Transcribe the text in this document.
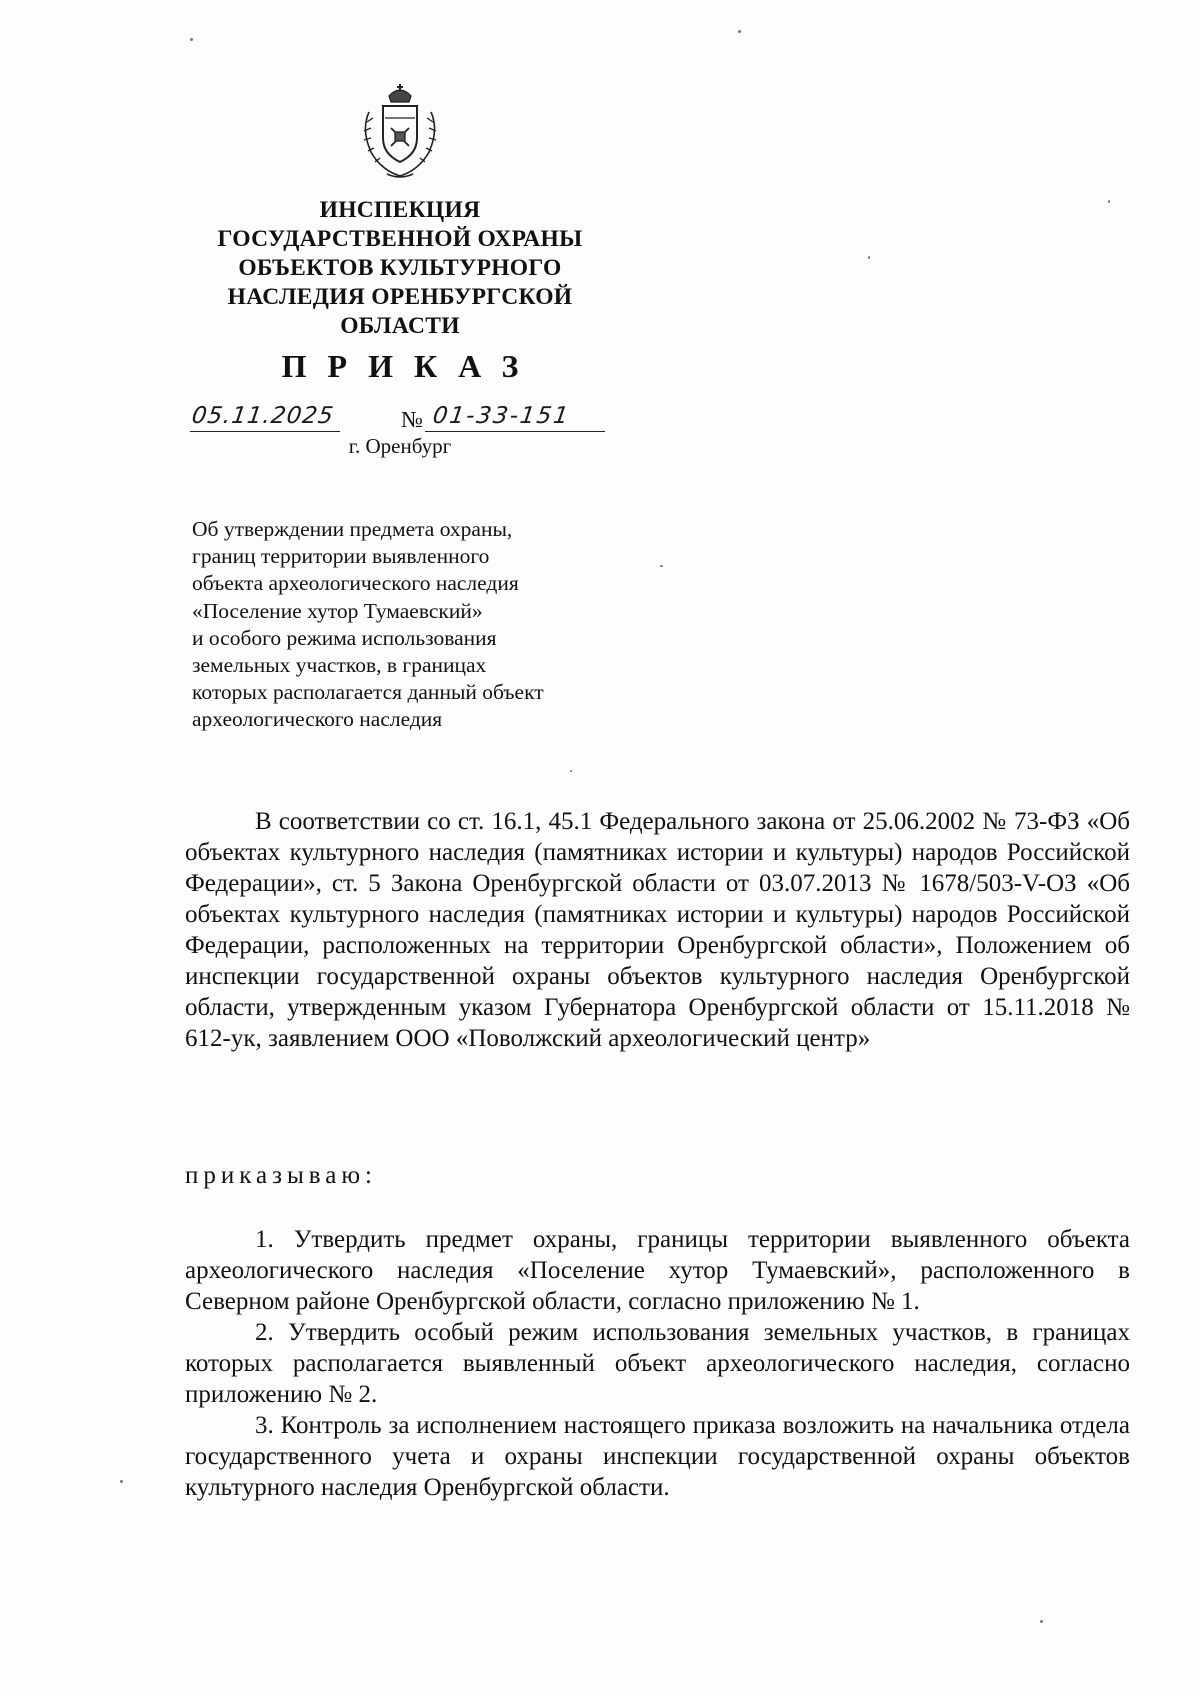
ИНСПЕКЦИЯ
ГОСУДАРСТВЕННОЙ ОХРАНЫ
ОБЪЕКТОВ КУЛЬТУРНОГО
НАСЛЕДИЯ ОРЕНБУРГСКОЙ
ОБЛАСТИ
ПРИКАЗ
05.11.2025	№ 01-33-151
г. Оренбург
Об утверждении предмета охраны,
границ территории выявленного
объекта археологического наследия
«Поселение хутор Тумаевский»
и особого режима использования
земельных участков, в границах
которых располагается данный объект
археологического наследия

В соответствии со ст. 16.1, 45.1 Федерального закона от 25.06.2002 № 73-ФЗ «Об объектах культурного наследия (памятниках истории и культуры) народов Российской Федерации», ст. 5 Закона Оренбургской области от 03.07.2013 № 1678/503-V-ОЗ «Об объектах культурного наследия (памятниках истории и культуры) народов Российской Федерации, расположенных на территории Оренбургской области», Положением об инспекции государственной охраны объектов культурного наследия Оренбургской области, утвержденным указом Губернатора Оренбургской области от 15.11.2018 № 612-ук, заявлением ООО «Поволжский археологический центр»

приказываю:

1. Утвердить предмет охраны, границы территории выявленного объекта археологического наследия «Поселение хутор Тумаевский», расположенного в Северном районе Оренбургской области, согласно приложению № 1.

2. Утвердить особый режим использования земельных участков, в границах которых располагается выявленный объект археологического наследия, согласно приложению № 2.

3. Контроль за исполнением настоящего приказа возложить на начальника отдела государственного учета и охраны инспекции государственной охраны объектов культурного наследия Оренбургской области.
